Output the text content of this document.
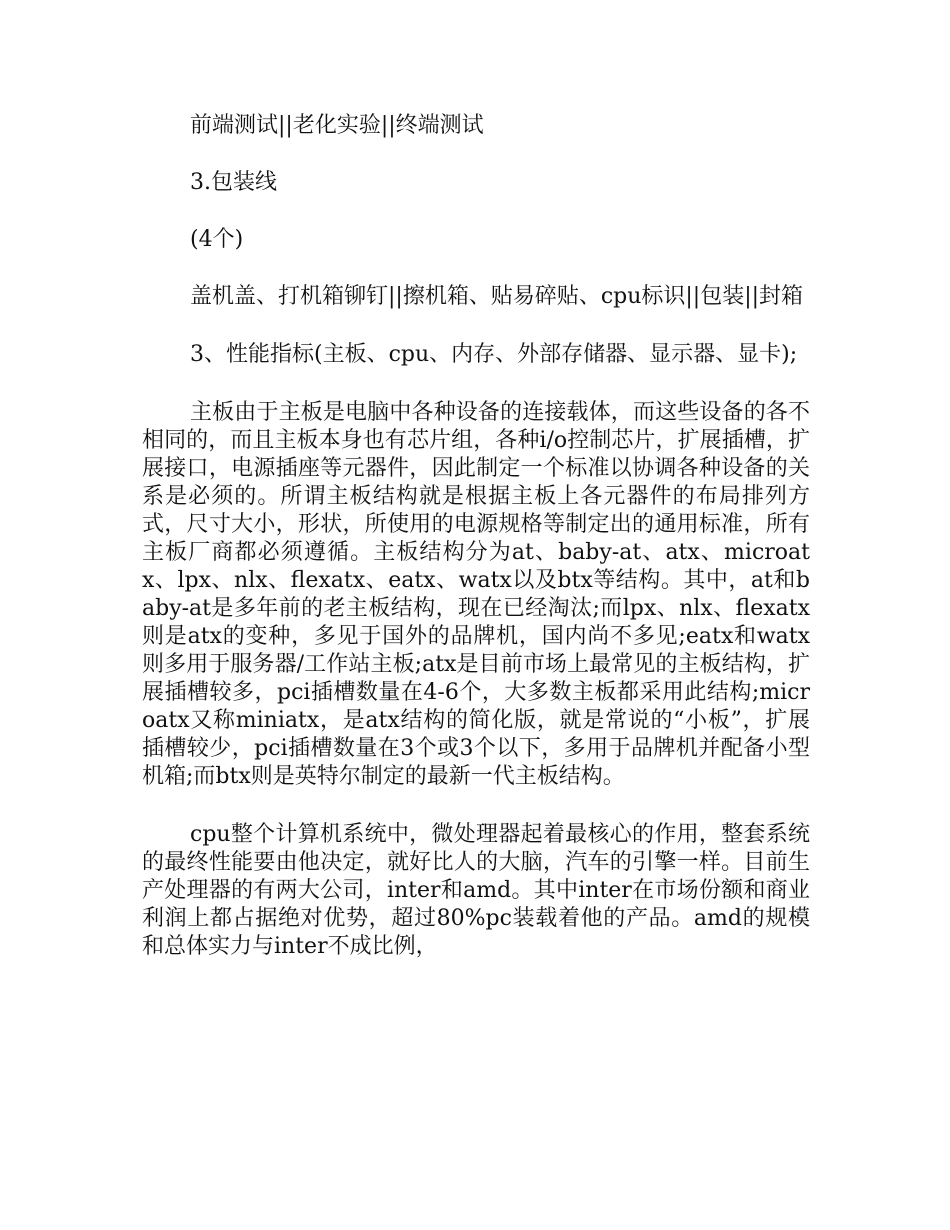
前端测试||老化实验||终端测试

3.包装线

(4个)

盖机盖、打机箱铆钉||擦机箱、贴易碎贴、cpu标识||包装||封箱

3、性能指标(主板、cpu、内存、外部存储器、显示器、显卡);

主板由于主板是电脑中各种设备的连接载体，而这些设备的各不相同的，而且主板本身也有芯片组，各种i/o控制芯片，扩展插槽，扩展接口，电源插座等元器件，因此制定一个标准以协调各种设备的关系是必须的。所谓主板结构就是根据主板上各元器件的布局排列方式，尺寸大小，形状，所使用的电源规格等制定出的通用标准，所有主板厂商都必须遵循。主板结构分为at、baby-at、atx、microatx、lpx、nlx、flexatx、eatx、watx以及btx等结构。其中，at和baby-at是多年前的老主板结构，现在已经淘汰;而lpx、nlx、flexatx则是atx的变种，多见于国外的品牌机，国内尚不多见;eatx和watx则多用于服务器/工作站主板;atx是目前市场上最常见的主板结构，扩展插槽较多，pci插槽数量在4-6个，大多数主板都采用此结构;microatx又称miniatx，是atx结构的简化版，就是常说的“小板”，扩展插槽较少，pci插槽数量在3个或3个以下，多用于品牌机并配备小型机箱;而btx则是英特尔制定的最新一代主板结构。

cpu整个计算机系统中，微处理器起着最核心的作用，整套系统的最终性能要由他决定，就好比人的大脑，汽车的引擎一样。目前生产处理器的有两大公司，inter和amd。其中inter在市场份额和商业利润上都占据绝对优势，超过80%pc装载着他的产品。amd的规模和总体实力与inter不成比例，
